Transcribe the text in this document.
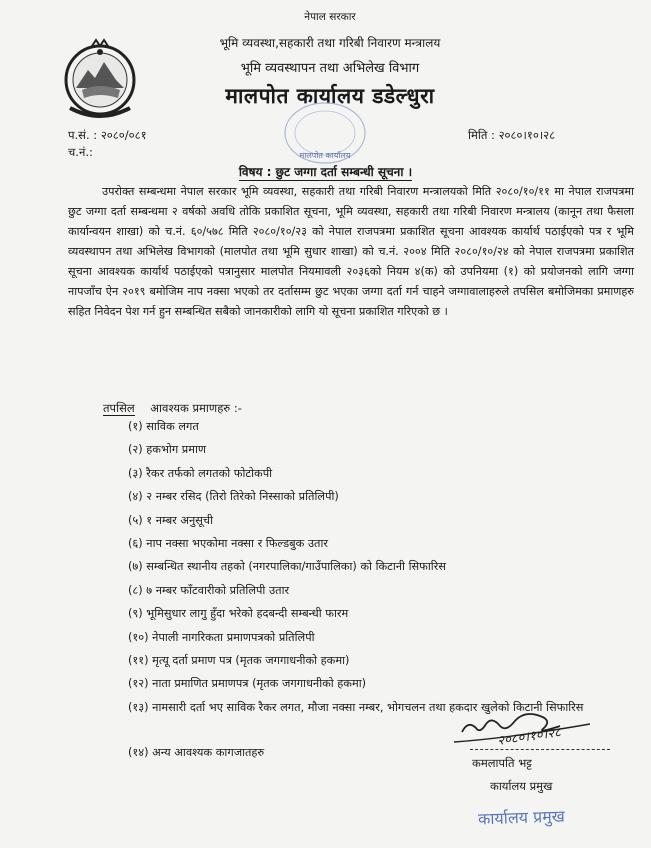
नेपाल सरकार
भूमि व्यवस्था,सहकारी तथा गरिबी निवारण मन्त्रालय
भूमि व्यवस्थापन तथा अभिलेख विभाग
मालपोत कार्यालय डडेल्धुरा
मालपोत कार्यालय
प.सं. : २०८०/०८१
च.नं.:
मिति : २०८०।१०।२८
विषय : छुट जग्गा दर्ता सम्बन्धी सूचना ।

उपरोक्त सम्बन्धमा नेपाल सरकार भूमि व्यवस्था, सहकारी तथा गरिबी निवारण मन्त्रालयको मिति २०८०/१०/११ मा नेपाल राजपत्रमा छुट जग्गा दर्ता सम्बन्धमा २ वर्षको अवधि तोकि प्रकाशित सूचना, भूमि व्यवस्था, सहकारी तथा गरिबी निवारण मन्त्रालय (कानून तथा फैसला कार्यान्वयन शाखा) को च.नं. ६०/५७८ मिति २०८०/१०/२३ को नेपाल राजपत्रमा प्रकाशित सूचना आवश्यक कार्यार्थ पठाईएको पत्र र भूमि व्यवस्थापन तथा अभिलेख विभागको (मालपोत तथा भूमि सुधार शाखा) को च.नं. २००४ मिति २०८०/१०/२४ को नेपाल राजपत्रमा प्रकाशित सूचना आवश्यक कार्यार्थ पठाईएको पत्रानुसार मालपोत नियमावली २०३६को नियम ४(क) को उपनियमा (१) को प्रयोजनको लागि जग्गा नापजाँच ऐन २०१९ बमोजिम नाप नक्सा भएको तर दर्तासम्म छुट भएका जग्गा दर्ता गर्न चाहने जग्गावालाहरुले तपसिल बमोजिमका प्रमाणहरु सहित निवेदन पेश गर्न हुन सम्बन्धित सबैको जानकारीको लागि यो सूचना प्रकाशित गरिएको छ ।

तपसिल आवश्यक प्रमाणहरु :-
(१) साविक लगत
(२) हकभोग प्रमाण
(३) रैकर तर्फको लगतको फोटोकपी
(४) २ नम्बर रसिद (तिरो तिरेको निस्साको प्रतिलिपी)
(५) १ नम्बर अनुसूची
(६) नाप नक्सा भएकोमा नक्सा र फिल्डबुक उतार
(७) सम्बन्धित स्थानीय तहको (नगरपालिका/गाउँपालिका) को किटानी सिफारिस
(८) ७ नम्बर फाँटवारीको प्रतिलिपी उतार
(९) भूमिसुधार लागु हुँदा भरेको हदबन्दी सम्बन्धी फारम
(१०) नेपाली नागरिकता प्रमाणपत्रको प्रतिलिपी
(११) मृत्यू दर्ता प्रमाण पत्र (मृतक जगगाधनीको हकमा)
(१२) नाता प्रमाणित प्रमाणपत्र (मृतक जगगाधनीको हकमा)
(१३) नामसारी दर्ता भए साविक रैकर लगत, मौजा नक्सा नम्बर, भोगचलन तथा हकदार खुलेको किटानी सिफारिस
(१४) अन्य आवश्यक कागजातहरु
२०८०।१०।२८
कमलापति भट्ट
कार्यालय प्रमुख
कार्यालय प्रमुख
